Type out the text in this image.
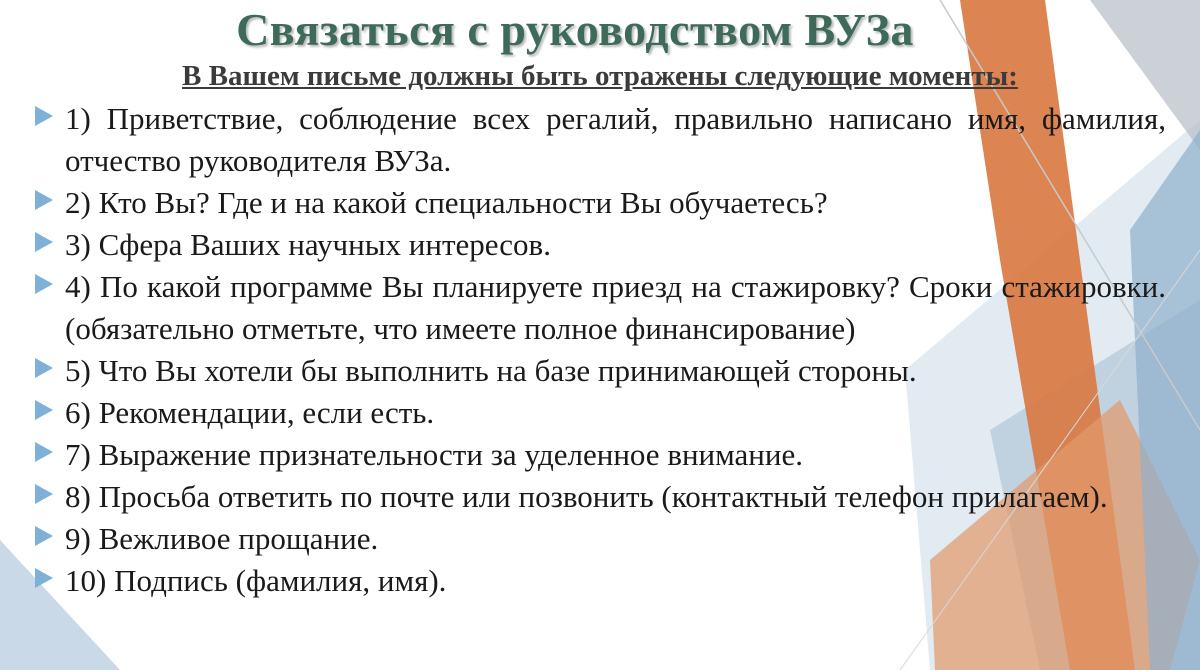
Связаться с руководством ВУЗа
В Вашем письме должны быть отражены следующие моменты:
1) Приветствие, соблюдение всех регалий, правильно написано имя, фамилия, отчество руководителя ВУЗа.
2) Кто Вы? Где и на какой специальности Вы обучаетесь?
3) Сфера Ваших научных интересов.
4) По какой программе Вы планируете приезд на стажировку? Сроки стажировки. (обязательно отметьте, что имеете полное финансирование)
5) Что Вы хотели бы выполнить на базе принимающей стороны.
6) Рекомендации, если есть.
7) Выражение признательности за уделенное внимание.
8) Просьба ответить по почте или позвонить (контактный телефон прилагаем).
9) Вежливое прощание.
10) Подпись (фамилия, имя).
